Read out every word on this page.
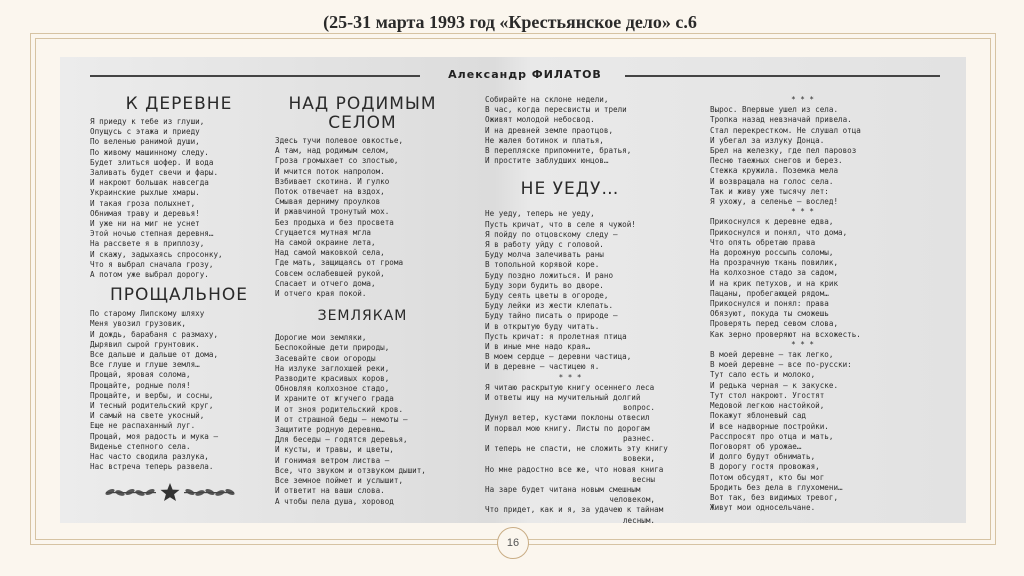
(25-31 марта 1993 год «Крестьянское дело» с.6
Александр ФИЛАТОВ
К ДЕРЕВНЕ
Я приеду к тебе из глуши,
Опущусь с этажа и приеду
По веленью ранимой души,
По живому машинному следу.
Будет злиться шофер. И вода
Заливать будет свечи и фары.
И накроют большак навсегда
Украинские рыхлые хмары.
И такая гроза полыхнет,
Обнимая траву и деревья!
И уже ни на миг не уснет
Этой ночью степная деревня…
На рассвете я в приплозу,
И скажу, задыхаясь спросонку,
Что я выбрал сначала грозу,
А потом уже выбрал дорогу.
ПРОЩАЛЬНОЕ
По старому Липскому шляху
Меня увозил грузовик,
И дождь, барабаня с размаху,
Дырявил сырой грунтовик.
Все дальше и дальше от дома,
Все глуше и глуше земля…
Прощай, яровая солома,
Прощайте, родные поля!
Прощайте, и вербы, и сосны,
И тесный родительский круг,
И самый на свете укосный,
Еще не распаханный луг.
Прощай, моя радость и мука —
Виденье степного села.
Нас часто сводила разлука,
Нас встреча теперь развела.
НАД РОДИМЫМ СЕЛОМ
Здесь тучи полевое овкостье,
А там, над родимым селом,
Гроза громыхает со злостью,
И мчится поток напролом.
Взбивает скотина. И гулко
Поток отвечает на вздох,
Смывая дерниму проулков
И ржавчиной тронутый мох.
Без продыха и без просвета
Сгущается мутная мгла
На самой окраине лета,
Над самой маковкой села,
Где мать, защищаясь от грома
Совсем ослабевшей рукой,
Спасает и отчего дома,
И отчего края покой.
ЗЕМЛЯКАМ
Дорогие мои земляки,
Беспокойные дети природы,
Засевайте свои огороды
На излуке заглохшей реки,
Разводите красивых коров,
Обновляя колхозное стадо,
И храните от жгучего града
И от зноя родительский кров.
И от страшной беды — немоты —
Защитите родную деревню…
Для беседы — годятся деревья,
И кусты, и травы, и цветы,
И гонимая ветром листва —
Все, что звуком и отзвуком дышит,
Все земное поймет и услышит,
И ответит на ваши слова.
А чтобы пела душа, хоровод
Собирайте на склоне недели,
В час, когда пересвисты и трели
Оживят молодой небосвод.
И на древней земле праотцов,
Не жалея ботинок и платья,
В перепляске припомните, братья,
И простите заблудших юнцов…
НЕ УЕДУ…
Не уеду, теперь не уеду,
Пусть кричат, что в селе я чужой!
Я пойду по отцовскому следу —
Я в работу уйду с головой.
Буду молча залечивать раны
В топольной корявой коре.
Буду поздно ложиться. И рано
Буду зори будить во дворе.
Буду сеять цветы в огороде,
Буду лейки из жести клепать.
Буду тайно писать о природе —
И в открытую буду читать.
Пусть кричат: я пролетная птица
И в иные мне надо края…
В моем сердце — деревни частица,
И в деревне — частицею я.
* * *
Я читаю раскрытую книгу осеннего леса
И ответы ищу на мучительный долгий
вопрос.
Дунул ветер, кустами поклоны отвесил
И порвал мою книгу. Листы по дорогам
разнес.
И теперь не спасти, не сложить эту книгу
вовеки,
Но мне радостно все же, что новая книга
весны
На заре будет читана новым смешным
человеком,
Что придет, как и я, за удачею к тайнам
лесным.
* * *
Вырос. Впервые ушел из села.
Тропка назад невзначай привела.
Стал перекрестком. Не слушал отца
И убегал за излуку Донца.
Брел на железку, где пел паровоз
Песню таежных снегов и берез.
Стежка кружила. Поземка мела
И возвращала на голос села.
Так и живу уже тысячу лет:
Я ухожу, а селенье — вослед!
* * *
Прикоснулся к деревне едва,
Прикоснулся и понял, что дома,
Что опять обретаю права
На дорожную россыпь соломы,
На прозрачную ткань повилик,
На колхозное стадо за садом,
И на крик петухов, и на крик
Пацаны, пробегающей рядом…
Прикоснулся и понял: права
Обязуют, покуда ты сможешь
Проверять перед севом слова,
Как зерно проверяют на всхожесть.
* * *
В моей деревне — так легко,
В моей деревне — все по-русски:
Тут сало есть и молоко,
И редька черная — к закуске.
Тут стол накроют. Угостят
Медовой легкою настойкой,
Покажут яблоневый сад
И все надворные постройки.
Расспросят про отца и мать,
Поговорят об урожае…
И долго будут обнимать,
В дорогу гостя провожая,
Потом обсудят, кто бы мог
Бродить без дела в глухомени…
Вот так, без видимых тревог,
Живут мои односельчане.
16
